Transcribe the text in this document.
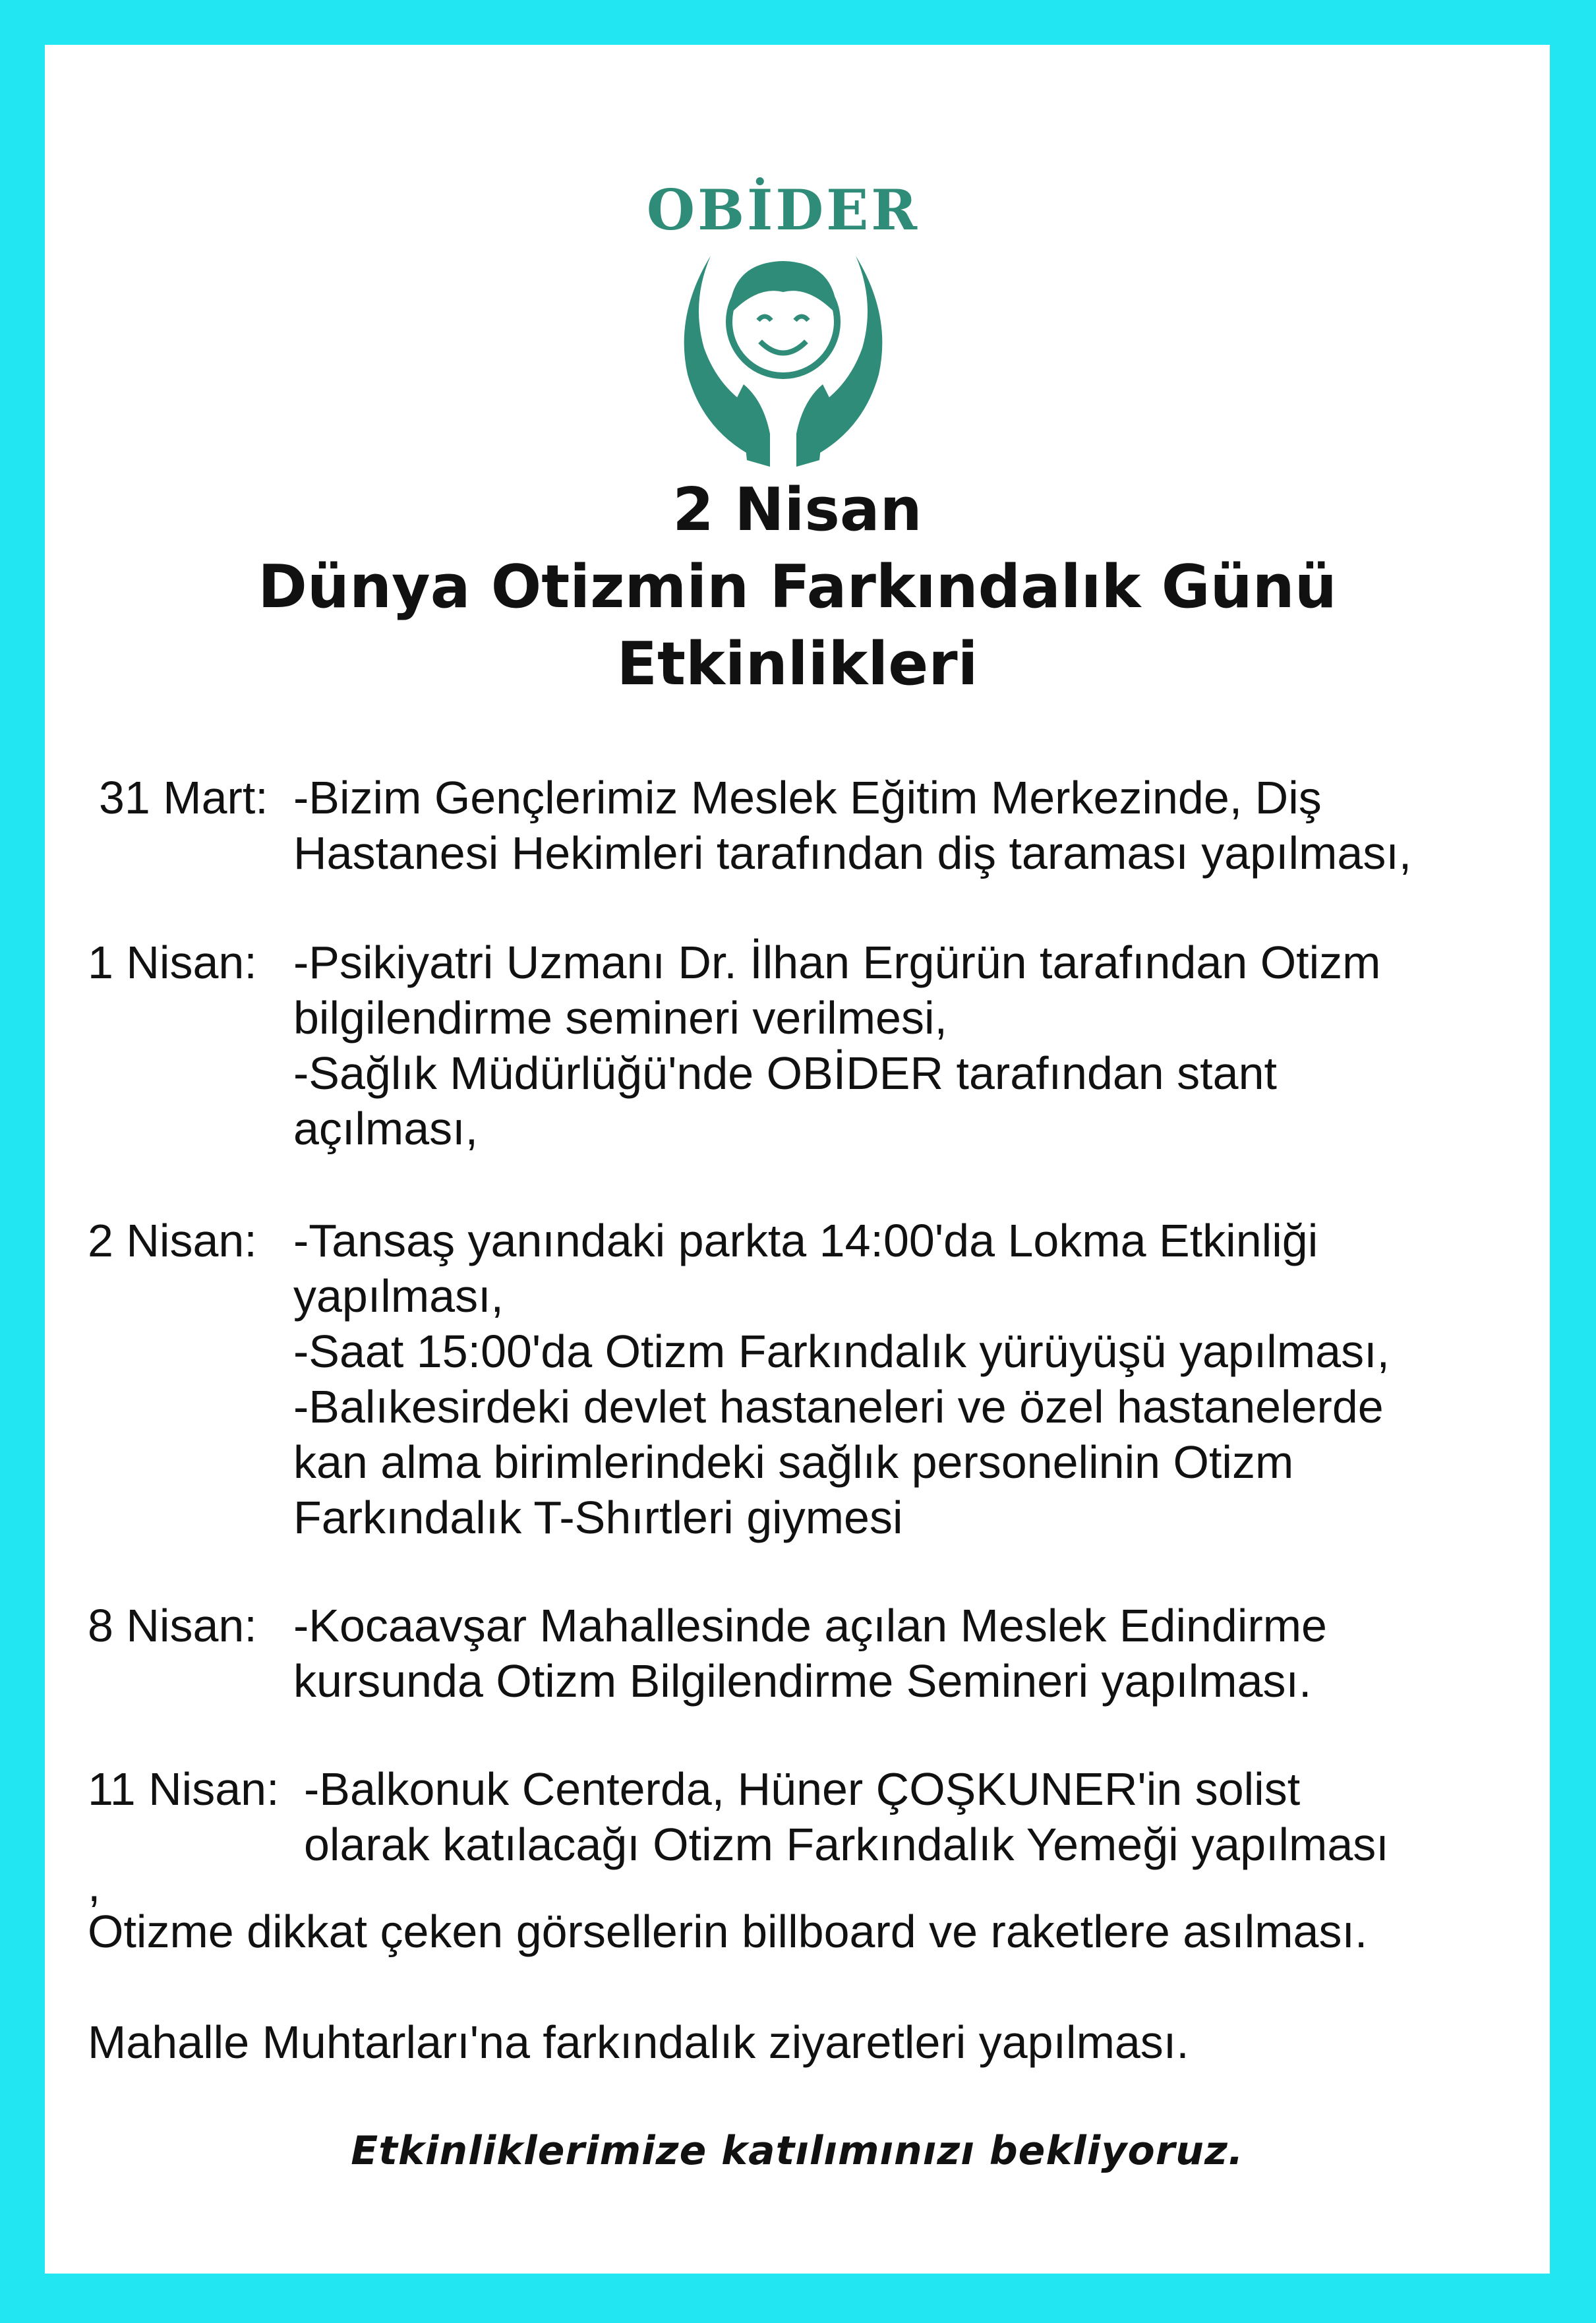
OBİDER
2 Nisan
Dünya Otizmin Farkındalık Günü
Etkinlikleri
31 Mart: -Bizim Gençlerimiz Meslek Eğitim Merkezinde, Diş
Hastanesi Hekimleri tarafından diş taraması yapılması,
1 Nisan: -Psikiyatri Uzmanı Dr. İlhan Ergürün tarafından Otizm
bilgilendirme semineri verilmesi,
-Sağlık Müdürlüğü'nde OBİDER tarafından stant
açılması,
2 Nisan: -Tansaş yanındaki parkta 14:00'da Lokma Etkinliği
yapılması,
-Saat 15:00'da Otizm Farkındalık yürüyüşü yapılması,
-Balıkesirdeki devlet hastaneleri ve özel hastanelerde
kan alma birimlerindeki sağlık personelinin Otizm
Farkındalık T-Shırtleri giymesi
8 Nisan: -Kocaavşar Mahallesinde açılan Meslek Edindirme
kursunda Otizm Bilgilendirme Semineri yapılması.
11 Nisan: -Balkonuk Centerda, Hüner ÇOŞKUNER'in solist
olarak katılacağı Otizm Farkındalık Yemeği yapılması
,
Otizme dikkat çeken görsellerin billboard ve raketlere asılması.
Mahalle Muhtarları'na farkındalık ziyaretleri yapılması.
Etkinliklerimize katılımınızı bekliyoruz.
